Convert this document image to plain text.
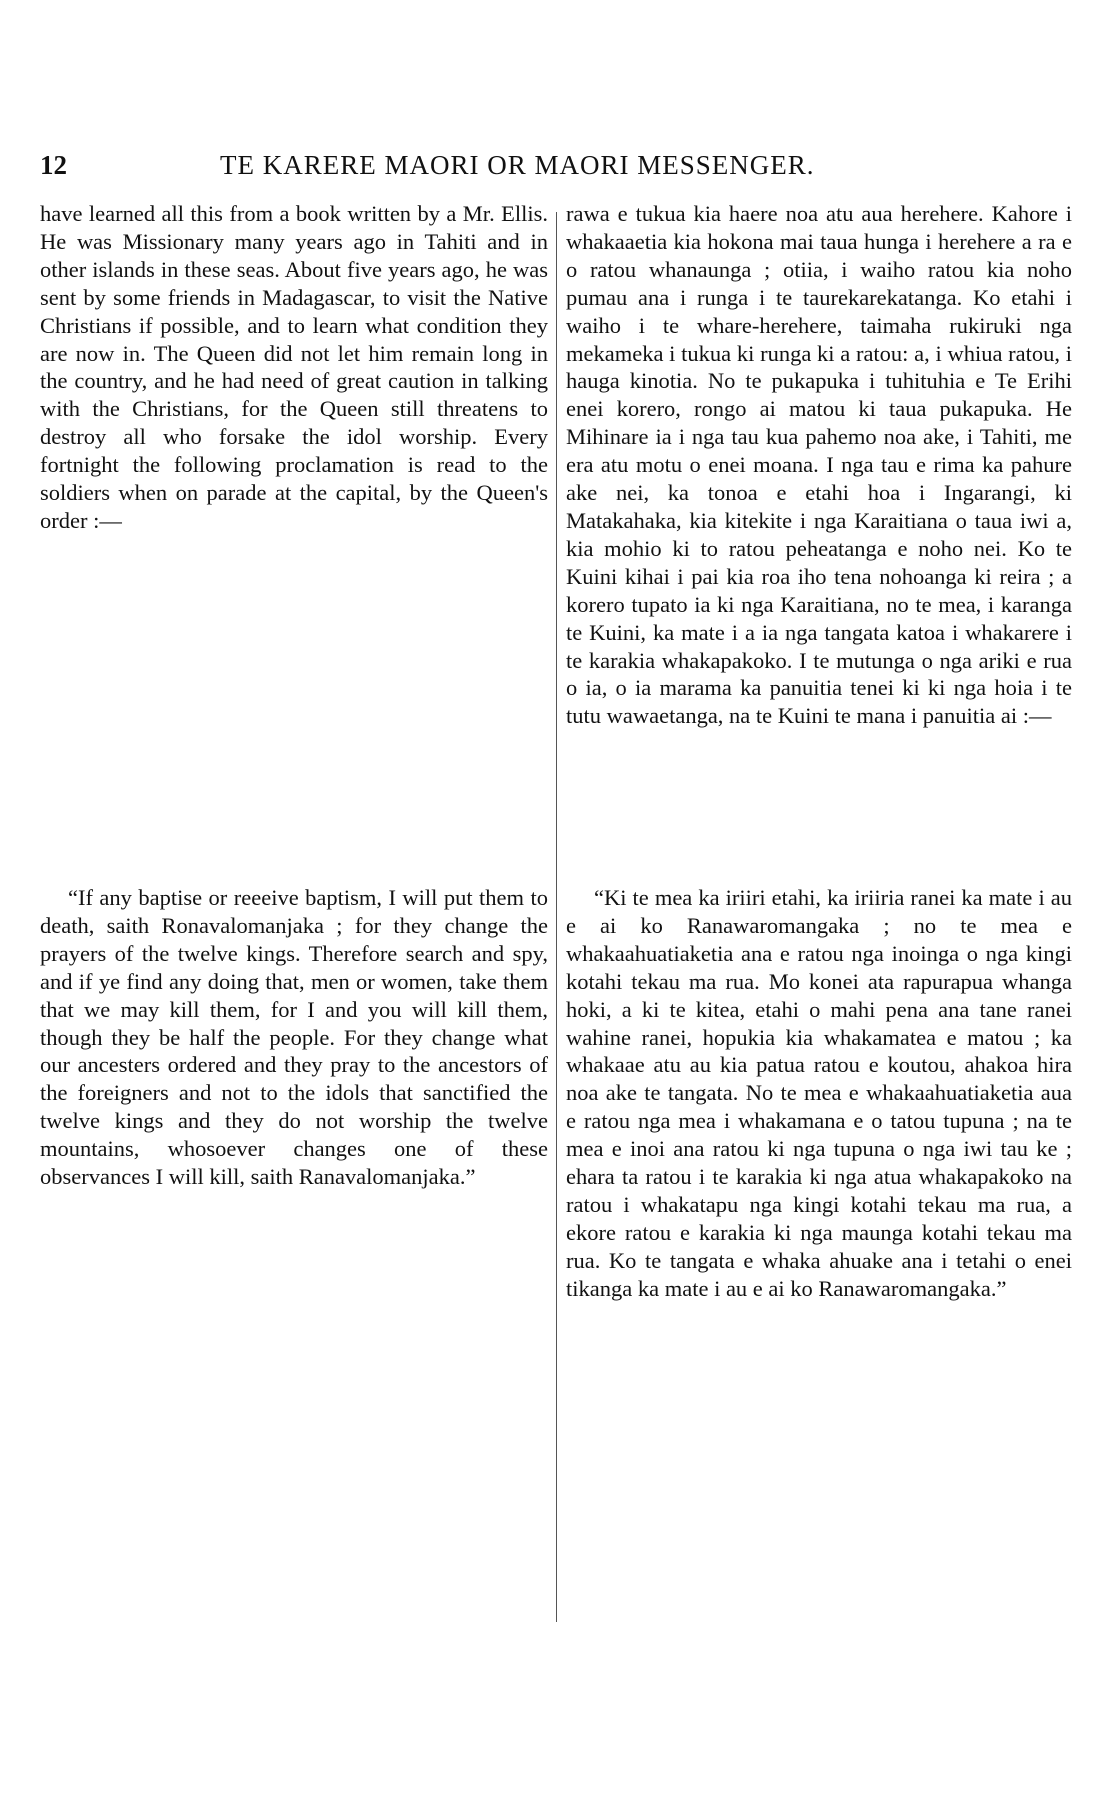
12	TE KARERE MAORI OR MAORI MESSENGER.

have learned all this from a book written by a Mr. Ellis. He was Missionary many years ago in Tahiti and in other islands in these seas. About five years ago, he was sent by some friends in Madagascar, to visit the Native Christians if possible, and to learn what condition they are now in. The Queen did not let him remain long in the country, and he had need of great caution in talking with the Christians, for the Queen still threatens to destroy all who forsake the idol worship. Every fortnight the following proclamation is read to the soldiers when on parade at the capital, by the Queen's order :—

“If any baptise or reeeive baptism, I will put them to death, saith Ronavalomanjaka ; for they change the prayers of the twelve kings. Therefore search and spy, and if ye find any doing that, men or women, take them that we may kill them, for I and you will kill them, though they be half the people. For they change what our ancesters ordered and they pray to the ancestors of the foreigners and not to the idols that sanctified the twelve kings and they do not worship the twelve mountains, whosoever changes one of these observances I will kill, saith Ranavalomanjaka.”

rawa e tukua kia haere noa atu aua herehere. Kahore i whakaaetia kia hokona mai taua hunga i herehere a ra e o ratou whanaunga ; otiia, i waiho ratou kia noho pumau ana i runga i te taurekarekatanga. Ko etahi i waiho i te whare-herehere, taimaha rukiruki nga mekameka i tukua ki runga ki a ratou: a, i whiua ratou, i hauga kinotia. No te pukapuka i tuhituhia e Te Erihi enei korero, rongo ai matou ki taua pukapuka. He Mihinare ia i nga tau kua pahemo noa ake, i Tahiti, me era atu motu o enei moana. I nga tau e rima ka pahure ake nei, ka tonoa e etahi hoa i Ingarangi, ki Matakahaka, kia kitekite i nga Karaitiana o taua iwi a, kia mohio ki to ratou peheatanga e noho nei. Ko te Kuini kihai i pai kia roa iho tena nohoanga ki reira ; a korero tupato ia ki nga Karaitiana, no te mea, i karanga te Kuini, ka mate i a ia nga tangata katoa i whakarere i te karakia whakapakoko. I te mutunga o nga ariki e rua o ia, o ia marama ka panuitia tenei ki ki nga hoia i te tutu wawaetanga, na te Kuini te mana i panuitia ai :—

“Ki te mea ka iriiri etahi, ka iriiria ranei ka mate i au e ai ko Ranawaromangaka ; no te mea e whakaahuatiaketia ana e ratou nga inoinga o nga kingi kotahi tekau ma rua. Mo konei ata rapurapua whanga hoki, a ki te kitea, etahi o mahi pena ana tane ranei wahine ranei, hopukia kia whakamatea e matou ; ka whakaae atu au kia patua ratou e koutou, ahakoa hira noa ake te tangata. No te mea e whakaahuatiaketia aua e ratou nga mea i whakamana e o tatou tupuna ; na te mea e inoi ana ratou ki nga tupuna o nga iwi tau ke ; ehara ta ratou i te karakia ki nga atua whakapakoko na ratou i whakatapu nga kingi kotahi tekau ma rua, a ekore ratou e karakia ki nga maunga kotahi tekau ma rua. Ko te tangata e whaka ahuake ana i tetahi o enei tikanga ka mate i au e ai ko Ranawaromangaka.”
